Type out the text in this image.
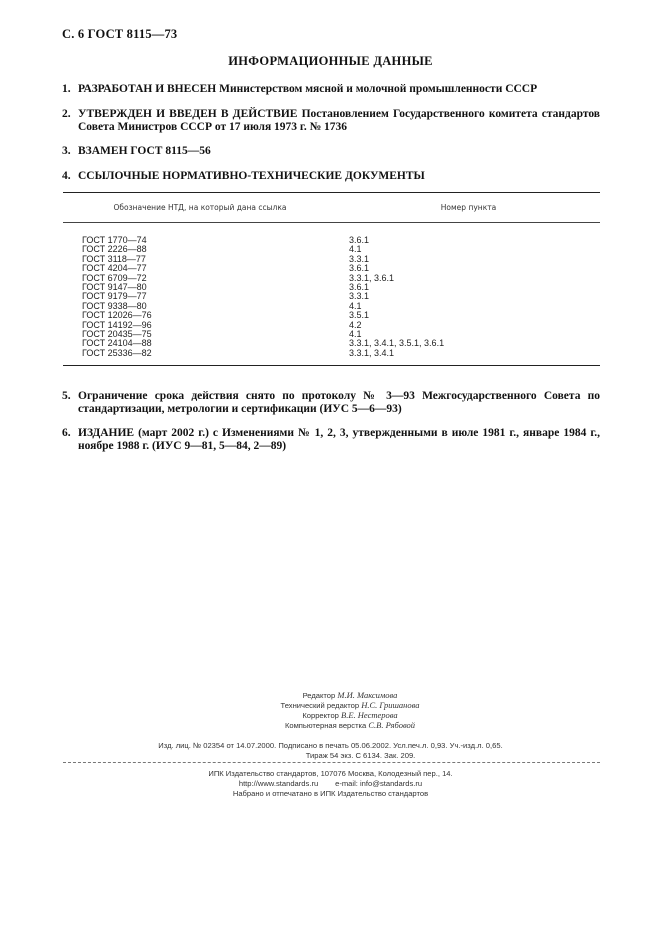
С. 6 ГОСТ 8115—73
ИНФОРМАЦИОННЫЕ ДАННЫЕ
1. РАЗРАБОТАН И ВНЕСЕН Министерством мясной и молочной промышленности СССР
2. УТВЕРЖДЕН И ВВЕДЕН В ДЕЙСТВИЕ Постановлением Государственного комитета стандартов Совета Министров СССР от 17 июля 1973 г. № 1736
3. ВЗАМЕН ГОСТ 8115—56
4. ССЫЛОЧНЫЕ НОРМАТИВНО-ТЕХНИЧЕСКИЕ ДОКУМЕНТЫ
Обозначение НТД, на который дана ссылка	Номер пункта
ГОСТ 1770—74	3.6.1
ГОСТ 2226—88	4.1
ГОСТ 3118—77	3.3.1
ГОСТ 4204—77	3.6.1
ГОСТ 6709—72	3.3.1, 3.6.1
ГОСТ 9147—80	3.6.1
ГОСТ 9179—77	3.3.1
ГОСТ 9338—80	4.1
ГОСТ 12026—76	3.5.1
ГОСТ 14192—96	4.2
ГОСТ 20435—75	4.1
ГОСТ 24104—88	3.3.1, 3.4.1, 3.5.1, 3.6.1
ГОСТ 25336—82	3.3.1, 3.4.1
5. Ограничение срока действия снято по протоколу № 3—93 Межгосударственного Совета по стандартизации, метрологии и сертификации (ИУС 5—6—93)
6. ИЗДАНИЕ (март 2002 г.) с Изменениями № 1, 2, 3, утвержденными в июле 1981 г., январе 1984 г., ноябре 1988 г. (ИУС 9—81, 5—84, 2—89)
Редактор М.И. Максимова
Технический редактор Н.С. Гришанова
Корректор В.Е. Нестерова
Компьютерная верстка С.В. Рябовой
Изд. лиц. № 02354 от 14.07.2000. Подписано в печать 05.06.2002. Усл.печ.л. 0,93. Уч.-изд.л. 0,65.
Тираж 54 экз. С 6134. Зак. 209.
ИПК Издательство стандартов, 107076 Москва, Колодезный пер., 14.
http://www.standards.ru e-mail: info@standards.ru
Набрано и отпечатано в ИПК Издательство стандартов
